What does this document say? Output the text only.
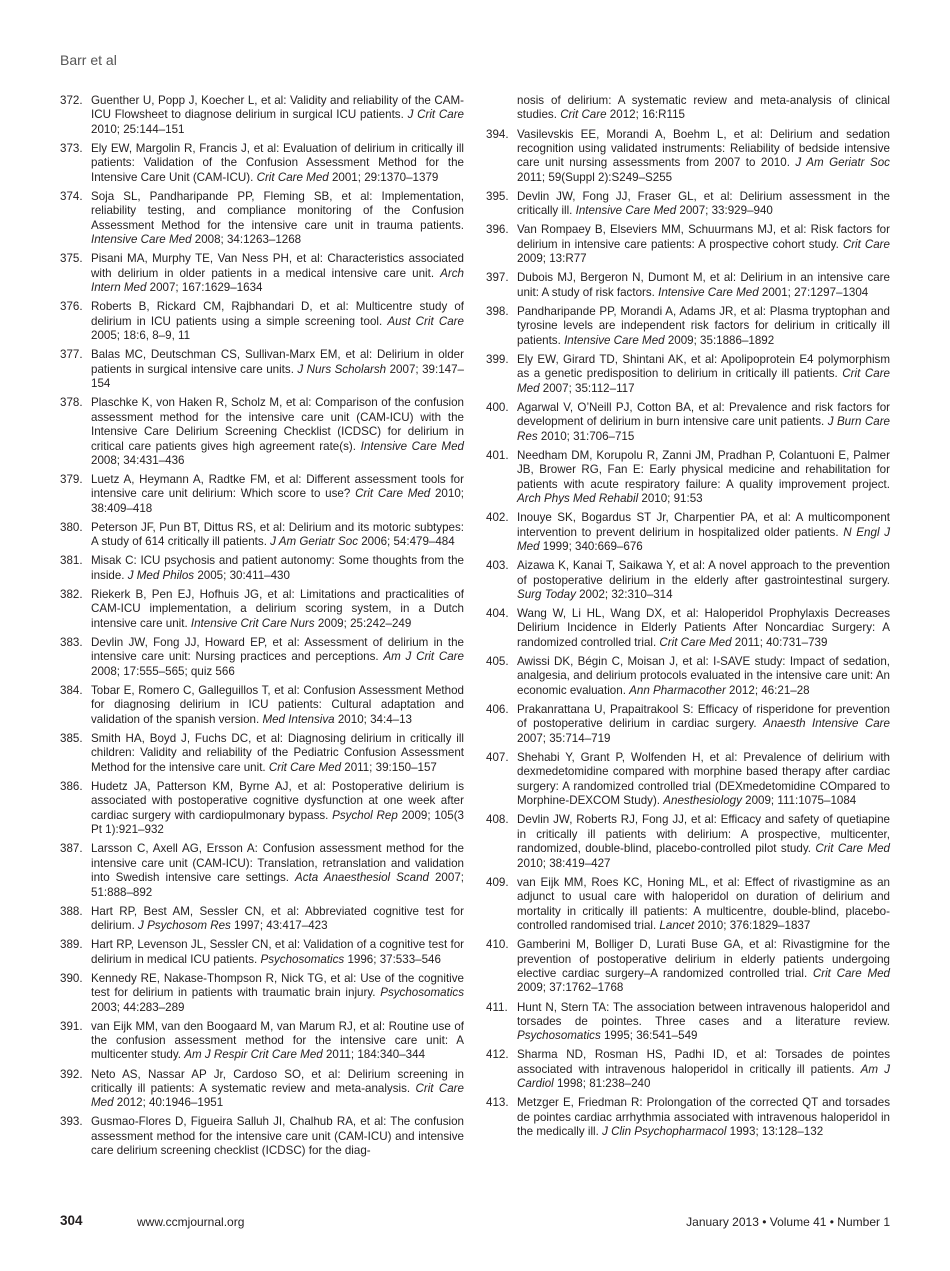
Barr et al
372. Guenther U, Popp J, Koecher L, et al: Validity and reliability of the CAM-ICU Flowsheet to diagnose delirium in surgical ICU patients. J Crit Care 2010; 25:144–151
373. Ely EW, Margolin R, Francis J, et al: Evaluation of delirium in critically ill patients: Validation of the Confusion Assessment Method for the Intensive Care Unit (CAM-ICU). Crit Care Med 2001; 29:1370–1379
374. Soja SL, Pandharipande PP, Fleming SB, et al: Implementation, reliability testing, and compliance monitoring of the Confusion Assessment Method for the intensive care unit in trauma patients. Intensive Care Med 2008; 34:1263–1268
375. Pisani MA, Murphy TE, Van Ness PH, et al: Characteristics associated with delirium in older patients in a medical intensive care unit. Arch Intern Med 2007; 167:1629–1634
376. Roberts B, Rickard CM, Rajbhandari D, et al: Multicentre study of delirium in ICU patients using a simple screening tool. Aust Crit Care 2005; 18:6, 8–9, 11
377. Balas MC, Deutschman CS, Sullivan-Marx EM, et al: Delirium in older patients in surgical intensive care units. J Nurs Scholarsh 2007; 39:147–154
378. Plaschke K, von Haken R, Scholz M, et al: Comparison of the confusion assessment method for the intensive care unit (CAM-ICU) with the Intensive Care Delirium Screening Checklist (ICDSC) for delirium in critical care patients gives high agreement rate(s). Intensive Care Med 2008; 34:431–436
379. Luetz A, Heymann A, Radtke FM, et al: Different assessment tools for intensive care unit delirium: Which score to use? Crit Care Med 2010; 38:409–418
380. Peterson JF, Pun BT, Dittus RS, et al: Delirium and its motoric subtypes: A study of 614 critically ill patients. J Am Geriatr Soc 2006; 54:479–484
381. Misak C: ICU psychosis and patient autonomy: Some thoughts from the inside. J Med Philos 2005; 30:411–430
382. Riekerk B, Pen EJ, Hofhuis JG, et al: Limitations and practicalities of CAM-ICU implementation, a delirium scoring system, in a Dutch intensive care unit. Intensive Crit Care Nurs 2009; 25:242–249
383. Devlin JW, Fong JJ, Howard EP, et al: Assessment of delirium in the intensive care unit: Nursing practices and perceptions. Am J Crit Care 2008; 17:555–565; quiz 566
384. Tobar E, Romero C, Galleguillos T, et al: Confusion Assessment Method for diagnosing delirium in ICU patients: Cultural adaptation and validation of the spanish version. Med Intensiva 2010; 34:4–13
385. Smith HA, Boyd J, Fuchs DC, et al: Diagnosing delirium in critically ill children: Validity and reliability of the Pediatric Confusion Assessment Method for the intensive care unit. Crit Care Med 2011; 39:150–157
386. Hudetz JA, Patterson KM, Byrne AJ, et al: Postoperative delirium is associated with postoperative cognitive dysfunction at one week after cardiac surgery with cardiopulmonary bypass. Psychol Rep 2009; 105(3 Pt 1):921–932
387. Larsson C, Axell AG, Ersson A: Confusion assessment method for the intensive care unit (CAM-ICU): Translation, retranslation and validation into Swedish intensive care settings. Acta Anaesthesiol Scand 2007; 51:888–892
388. Hart RP, Best AM, Sessler CN, et al: Abbreviated cognitive test for delirium. J Psychosom Res 1997; 43:417–423
389. Hart RP, Levenson JL, Sessler CN, et al: Validation of a cognitive test for delirium in medical ICU patients. Psychosomatics 1996; 37:533–546
390. Kennedy RE, Nakase-Thompson R, Nick TG, et al: Use of the cognitive test for delirium in patients with traumatic brain injury. Psychosomatics 2003; 44:283–289
391. van Eijk MM, van den Boogaard M, van Marum RJ, et al: Routine use of the confusion assessment method for the intensive care unit: A multicenter study. Am J Respir Crit Care Med 2011; 184:340–344
392. Neto AS, Nassar AP Jr, Cardoso SO, et al: Delirium screening in critically ill patients: A systematic review and meta-analysis. Crit Care Med 2012; 40:1946–1951
393. Gusmao-Flores D, Figueira Salluh JI, Chalhub RA, et al: The confusion assessment method for the intensive care unit (CAM-ICU) and intensive care delirium screening checklist (ICDSC) for the diag-
nosis of delirium: A systematic review and meta-analysis of clinical studies. Crit Care 2012; 16:R115
394. Vasilevskis EE, Morandi A, Boehm L, et al: Delirium and sedation recognition using validated instruments: Reliability of bedside intensive care unit nursing assessments from 2007 to 2010. J Am Geriatr Soc 2011; 59(Suppl 2):S249–S255
395. Devlin JW, Fong JJ, Fraser GL, et al: Delirium assessment in the critically ill. Intensive Care Med 2007; 33:929–940
396. Van Rompaey B, Elseviers MM, Schuurmans MJ, et al: Risk factors for delirium in intensive care patients: A prospective cohort study. Crit Care 2009; 13:R77
397. Dubois MJ, Bergeron N, Dumont M, et al: Delirium in an intensive care unit: A study of risk factors. Intensive Care Med 2001; 27:1297–1304
398. Pandharipande PP, Morandi A, Adams JR, et al: Plasma tryptophan and tyrosine levels are independent risk factors for delirium in critically ill patients. Intensive Care Med 2009; 35:1886–1892
399. Ely EW, Girard TD, Shintani AK, et al: Apolipoprotein E4 polymorphism as a genetic predisposition to delirium in critically ill patients. Crit Care Med 2007; 35:112–117
400. Agarwal V, O’Neill PJ, Cotton BA, et al: Prevalence and risk factors for development of delirium in burn intensive care unit patients. J Burn Care Res 2010; 31:706–715
401. Needham DM, Korupolu R, Zanni JM, Pradhan P, Colantuoni E, Palmer JB, Brower RG, Fan E: Early physical medicine and rehabilitation for patients with acute respiratory failure: A quality improvement project. Arch Phys Med Rehabil 2010; 91:53
402. Inouye SK, Bogardus ST Jr, Charpentier PA, et al: A multicomponent intervention to prevent delirium in hospitalized older patients. N Engl J Med 1999; 340:669–676
403. Aizawa K, Kanai T, Saikawa Y, et al: A novel approach to the prevention of postoperative delirium in the elderly after gastrointestinal surgery. Surg Today 2002; 32:310–314
404. Wang W, Li HL, Wang DX, et al: Haloperidol Prophylaxis Decreases Delirium Incidence in Elderly Patients After Noncardiac Surgery: A randomized controlled trial. Crit Care Med 2011; 40:731–739
405. Awissi DK, Bégin C, Moisan J, et al: I-SAVE study: Impact of sedation, analgesia, and delirium protocols evaluated in the intensive care unit: An economic evaluation. Ann Pharmacother 2012; 46:21–28
406. Prakanrattana U, Prapaitrakool S: Efficacy of risperidone for prevention of postoperative delirium in cardiac surgery. Anaesth Intensive Care 2007; 35:714–719
407. Shehabi Y, Grant P, Wolfenden H, et al: Prevalence of delirium with dexmedetomidine compared with morphine based therapy after cardiac surgery: A randomized controlled trial (DEXmedetomidine COmpared to Morphine-DEXCOM Study). Anesthesiology 2009; 111:1075–1084
408. Devlin JW, Roberts RJ, Fong JJ, et al: Efficacy and safety of quetiapine in critically ill patients with delirium: A prospective, multicenter, randomized, double-blind, placebo-controlled pilot study. Crit Care Med 2010; 38:419–427
409. van Eijk MM, Roes KC, Honing ML, et al: Effect of rivastigmine as an adjunct to usual care with haloperidol on duration of delirium and mortality in critically ill patients: A multicentre, double-blind, placebo-controlled randomised trial. Lancet 2010; 376:1829–1837
410. Gamberini M, Bolliger D, Lurati Buse GA, et al: Rivastigmine for the prevention of postoperative delirium in elderly patients undergoing elective cardiac surgery–A randomized controlled trial. Crit Care Med 2009; 37:1762–1768
411. Hunt N, Stern TA: The association between intravenous haloperidol and torsades de pointes. Three cases and a literature review. Psychosomatics 1995; 36:541–549
412. Sharma ND, Rosman HS, Padhi ID, et al: Torsades de pointes associated with intravenous haloperidol in critically ill patients. Am J Cardiol 1998; 81:238–240
413. Metzger E, Friedman R: Prolongation of the corrected QT and torsades de pointes cardiac arrhythmia associated with intravenous haloperidol in the medically ill. J Clin Psychopharmacol 1993; 13:128–132
304	www.ccmjournal.org	January 2013 • Volume 41 • Number 1
